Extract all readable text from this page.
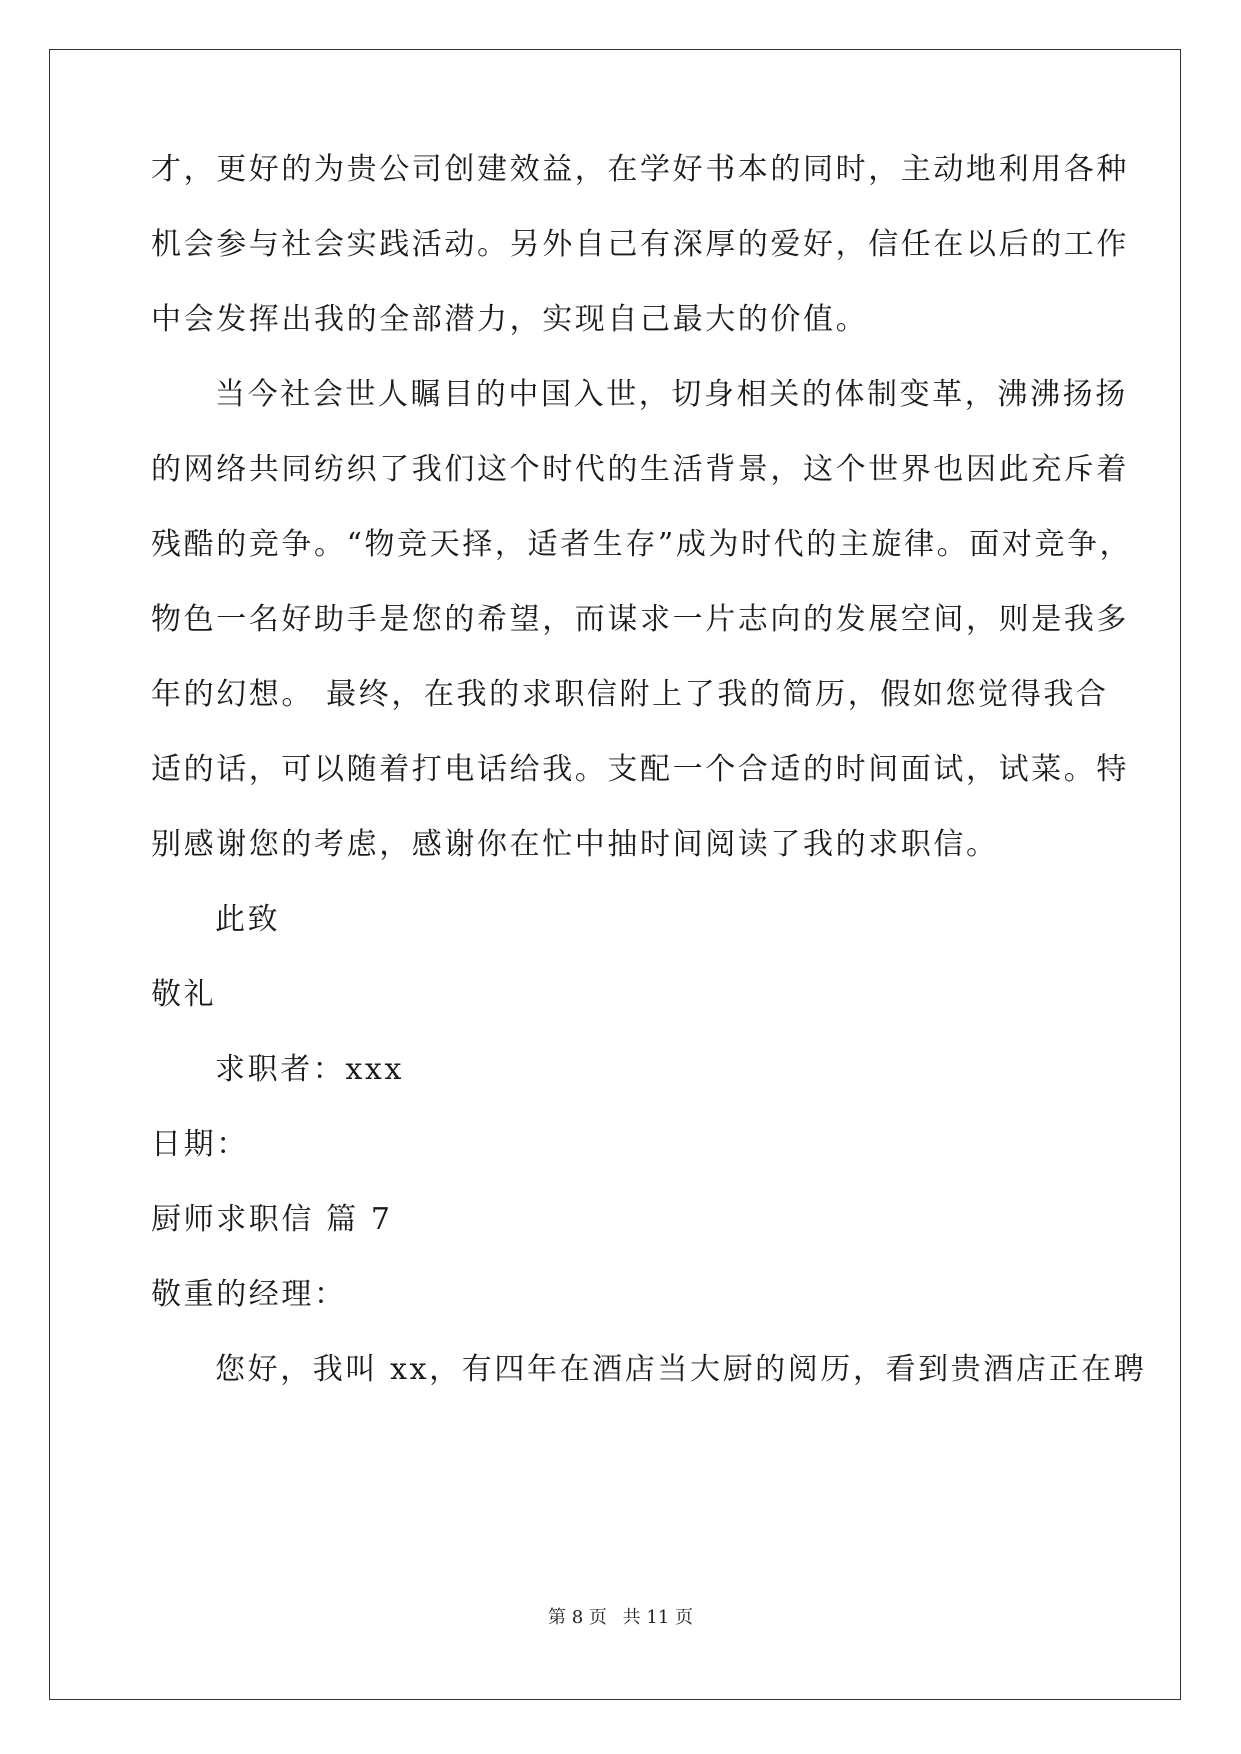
才，更好的为贵公司创建效益，在学好书本的同时，主动地利用各种
机会参与社会实践活动。另外自己有深厚的爱好，信任在以后的工作
中会发挥出我的全部潜力，实现自己最大的价值。
当今社会世人瞩目的中国入世，切身相关的体制变革，沸沸扬扬
的网络共同纺织了我们这个时代的生活背景，这个世界也因此充斥着
残酷的竞争。“物竞天择，适者生存”成为时代的主旋律。面对竞争，
物色一名好助手是您的希望，而谋求一片志向的发展空间，则是我多
年的幻想。 最终，在我的求职信附上了我的简历，假如您觉得我合
适的话，可以随着打电话给我。支配一个合适的时间面试，试菜。特
别感谢您的考虑，感谢你在忙中抽时间阅读了我的求职信。
此致
敬礼
求职者：xxx
日期：
厨师求职信 篇 7
敬重的经理：
您好，我叫 xx，有四年在酒店当大厨的阅历，看到贵酒店正在聘
第 8 页 共 11 页
